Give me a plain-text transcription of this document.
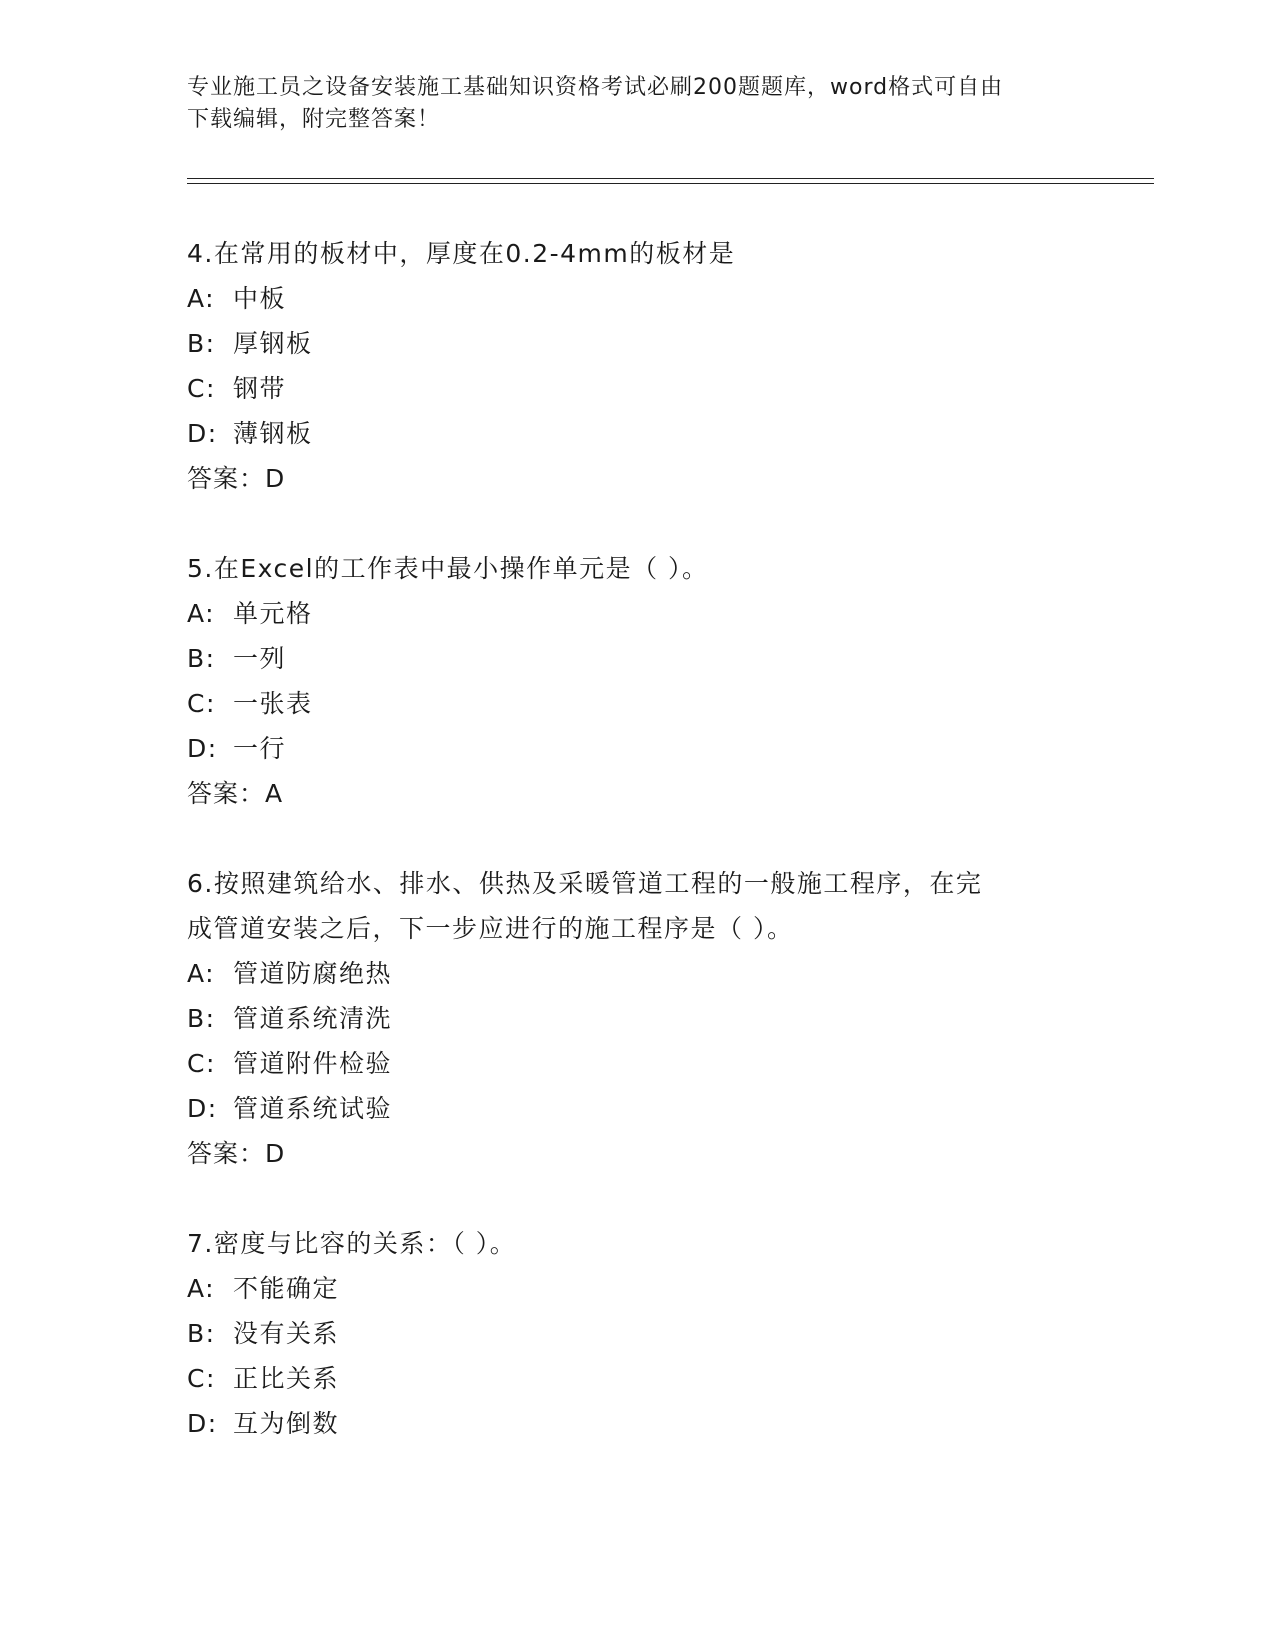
专业施工员之设备安装施工基础知识资格考试必刷200题题库，word格式可自由
下载编辑，附完整答案！
4.在常用的板材中，厚度在0.2-4mm的板材是
A: 中板
B: 厚钢板
C: 钢带
D: 薄钢板
答案：D
5.在Excel的工作表中最小操作单元是（ ）。
A: 单元格
B: 一列
C: 一张表
D: 一行
答案：A
6.按照建筑给水、排水、供热及采暖管道工程的一般施工程序，在完
成管道安装之后，下一步应进行的施工程序是（ ）。
A: 管道防腐绝热
B: 管道系统清洗
C: 管道附件检验
D: 管道系统试验
答案：D
7.密度与比容的关系：（ ）。
A: 不能确定
B: 没有关系
C: 正比关系
D: 互为倒数
